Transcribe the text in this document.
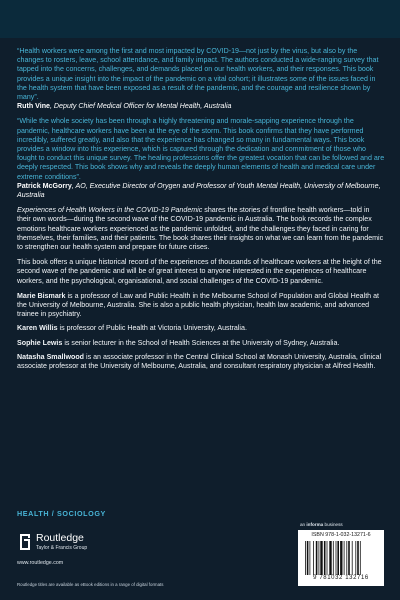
“Health workers were among the first and most impacted by COVID-19—not just by the virus, but also by the changes to rosters, leave, school attendance, and family impact. The authors conducted a wide-ranging survey that tapped into the concerns, challenges, and demands placed on our health workers, and their responses. This book provides a unique insight into the impact of the pandemic on a vital cohort; it illustrates some of the issues faced in the health system that have been exposed as a result of the pandemic, and the courage and resilience shown by many”.

Ruth Vine, Deputy Chief Medical Officer for Mental Health, Australia

“While the whole society has been through a highly threatening and morale-sapping experience through the pandemic, healthcare workers have been at the eye of the storm. This book confirms that they have performed incredibly, suffered greatly, and also that the experience has changed so many in fundamental ways. This book provides a window into this experience, which is captured through the dedication and commitment of those who fought to conduct this unique survey. The healing professions offer the greatest vocation that can be followed and are deeply respected. This book shows why and reveals the deeply human elements of health and medical care under extreme conditions”.

Patrick McGorry, AO, Executive Director of Orygen and Professor of Youth Mental Health, University of Melbourne, Australia

Experiences of Health Workers in the COVID-19 Pandemic shares the stories of frontline health workers—told in their own words—during the second wave of the COVID-19 pandemic in Australia. The book records the complex emotions healthcare workers experienced as the pandemic unfolded, and the challenges they faced in caring for themselves, their families, and their patients. The book shares their insights on what we can learn from the pandemic to strengthen our health system and prepare for future crises.

This book offers a unique historical record of the experiences of thousands of healthcare workers at the height of the second wave of the pandemic and will be of great interest to anyone interested in the experiences of healthcare workers, and the psychological, organisational, and social challenges of the COVID-19 pandemic.

Marie Bismark is a professor of Law and Public Health in the Melbourne School of Population and Global Health at the University of Melbourne, Australia. She is also a public health physician, health law academic, and advanced trainee in psychiatry.

Karen Willis is professor of Public Health at Victoria University, Australia.

Sophie Lewis is senior lecturer in the School of Health Sciences at the University of Sydney, Australia.

Natasha Smallwood is an associate professor in the Central Clinical School at Monash University, Australia, clinical associate professor at the University of Melbourne, Australia, and consultant respiratory physician at Alfred Health.

HEALTH / SOCIOLOGY
Routledge
Taylor & Francis Group
www.routledge.com
Routledge titles are available as eBook editions in a range of digital formats
an informa business
ISBN 978-1-032-13271-6
9 781032 132716
